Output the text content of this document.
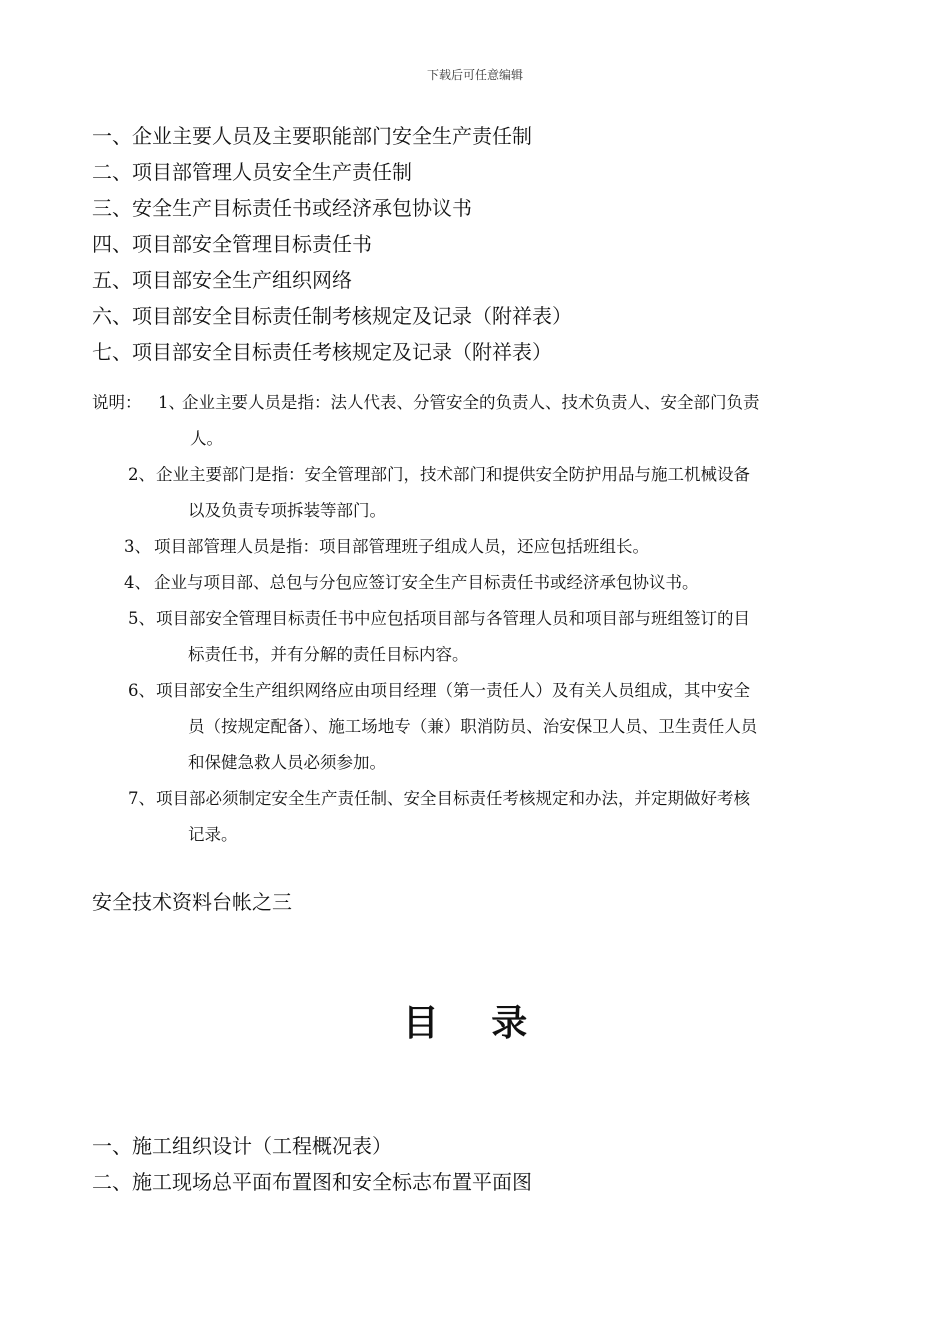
下载后可任意编辑
一、企业主要人员及主要职能部门安全生产责任制
二、项目部管理人员安全生产责任制
三、安全生产目标责任书或经济承包协议书
四、项目部安全管理目标责任书
五、项目部安全生产组织网络
六、项目部安全目标责任制考核规定及记录（附祥表）
七、项目部安全目标责任考核规定及记录（附祥表）
说明： 1、
企业主要人员是指：法人代表、分管安全的负责人、技术负责人、安全部门负责
人。
2、 企业主要部门是指：安全管理部门，技术部门和提供安全防护用品与施工机械设备
以及负责专项拆装等部门。
3、 项目部管理人员是指：项目部管理班子组成人员，还应包括班组长。
4、 企业与项目部、总包与分包应签订安全生产目标责任书或经济承包协议书。
5、 项目部安全管理目标责任书中应包括项目部与各管理人员和项目部与班组签订的目
标责任书，并有分解的责任目标内容。
6、 项目部安全生产组织网络应由项目经理（第一责任人）及有关人员组成，其中安全
员（按规定配备）、施工场地专（兼）职消防员、治安保卫人员、卫生责任人员
和保健急救人员必须参加。
7、 项目部必须制定安全生产责任制、安全目标责任考核规定和办法，并定期做好考核
记录。
安全技术资料台帐之三
目 录
一、施工组织设计（工程概况表）
二、施工现场总平面布置图和安全标志布置平面图
